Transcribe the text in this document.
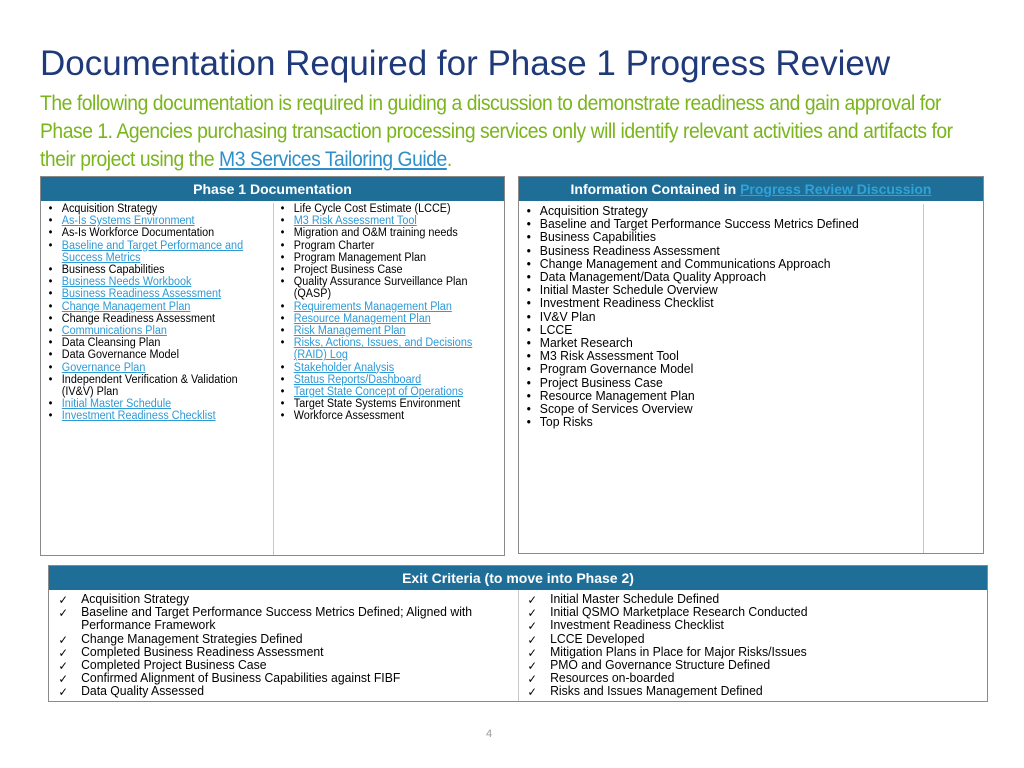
Documentation Required for Phase 1 Progress Review
The following documentation is required in guiding a discussion to demonstrate readiness and gain approval for Phase 1. Agencies purchasing transaction processing services only will identify relevant activities and artifacts for their project using the M3 Services Tailoring Guide.
Phase 1 Documentation
• Acquisition Strategy
• As-Is Systems Environment
• As-Is Workforce Documentation
• Baseline and Target Performance and Success Metrics
• Business Capabilities
• Business Needs Workbook
• Business Readiness Assessment
• Change Management Plan
• Change Readiness Assessment
• Communications Plan
• Data Cleansing Plan
• Data Governance Model
• Governance Plan
• Independent Verification & Validation (IV&V) Plan
• Initial Master Schedule
• Investment Readiness Checklist
• Life Cycle Cost Estimate (LCCE)
• M3 Risk Assessment Tool
• Migration and O&M training needs
• Program Charter
• Program Management Plan
• Project Business Case
• Quality Assurance Surveillance Plan (QASP)
• Requirements Management Plan
• Resource Management Plan
• Risk Management Plan
• Risks, Actions, Issues, and Decisions (RAID) Log
• Stakeholder Analysis
• Status Reports/Dashboard
• Target State Concept of Operations
• Target State Systems Environment
• Workforce Assessment
Information Contained in Progress Review Discussion
• Acquisition Strategy
• Baseline and Target Performance Success Metrics Defined
• Business Capabilities
• Business Readiness Assessment
• Change Management and Communications Approach
• Data Management/Data Quality Approach
• Initial Master Schedule Overview
• Investment Readiness Checklist
• IV&V Plan
• LCCE
• Market Research
• M3 Risk Assessment Tool
• Program Governance Model
• Project Business Case
• Resource Management Plan
• Scope of Services Overview
• Top Risks
Exit Criteria (to move into Phase 2)
✓ Acquisition Strategy
✓ Baseline and Target Performance Success Metrics Defined; Aligned with Performance Framework
✓ Change Management Strategies Defined
✓ Completed Business Readiness Assessment
✓ Completed Project Business Case
✓ Confirmed Alignment of Business Capabilities against FIBF
✓ Data Quality Assessed
✓ Initial Master Schedule Defined
✓ Initial QSMO Marketplace Research Conducted
✓ Investment Readiness Checklist
✓ LCCE Developed
✓ Mitigation Plans in Place for Major Risks/Issues
✓ PMO and Governance Structure Defined
✓ Resources on-boarded
✓ Risks and Issues Management Defined
4
